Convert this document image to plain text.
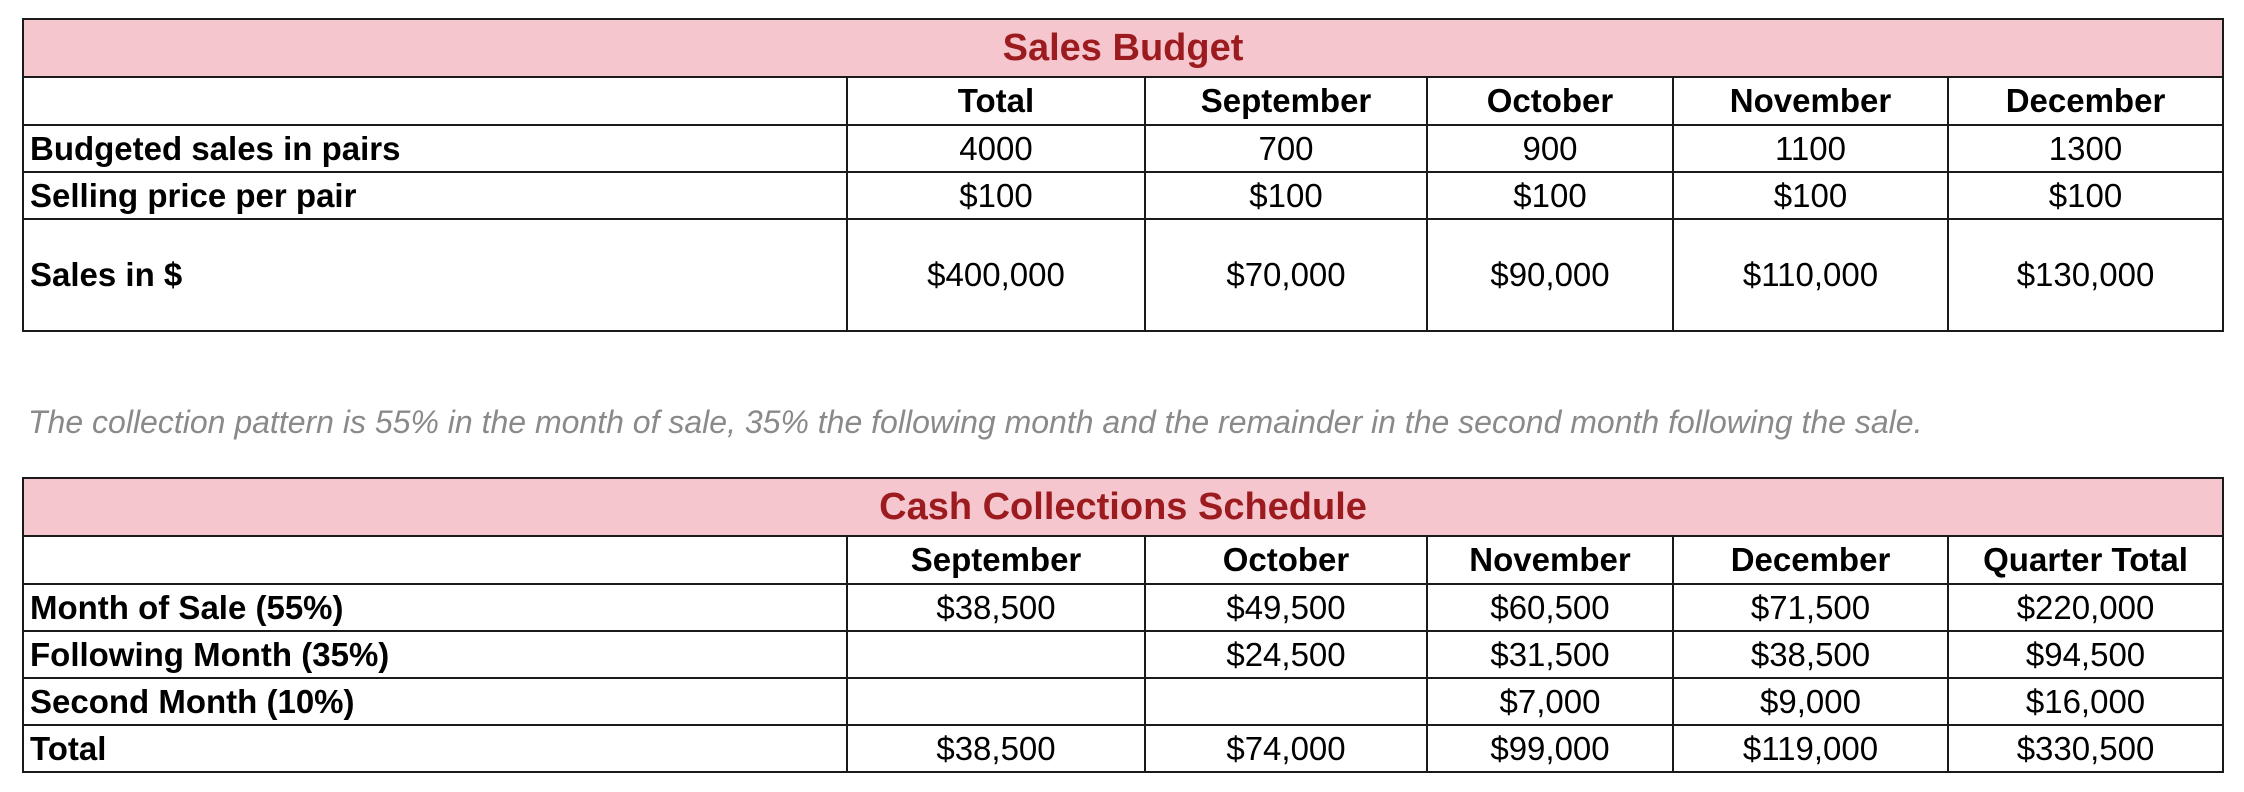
Sales Budget					
	Total	September	October	November	December
Budgeted sales in pairs	4000	700	900	1100	1300
Selling price per pair	$100	$100	$100	$100	$100
Sales in $	$400,000	$70,000	$90,000	$110,000	$130,000
The collection pattern is 55% in the month of sale, 35% the following month and the remainder in the second month following the sale.
Cash Collections Schedule					
	September	October	November	December	Quarter Total
Month of Sale (55%)	$38,500	$49,500	$60,500	$71,500	$220,000
Following Month (35%)		$24,500	$31,500	$38,500	$94,500
Second Month (10%)			$7,000	$9,000	$16,000
Total	$38,500	$74,000	$99,000	$119,000	$330,500
